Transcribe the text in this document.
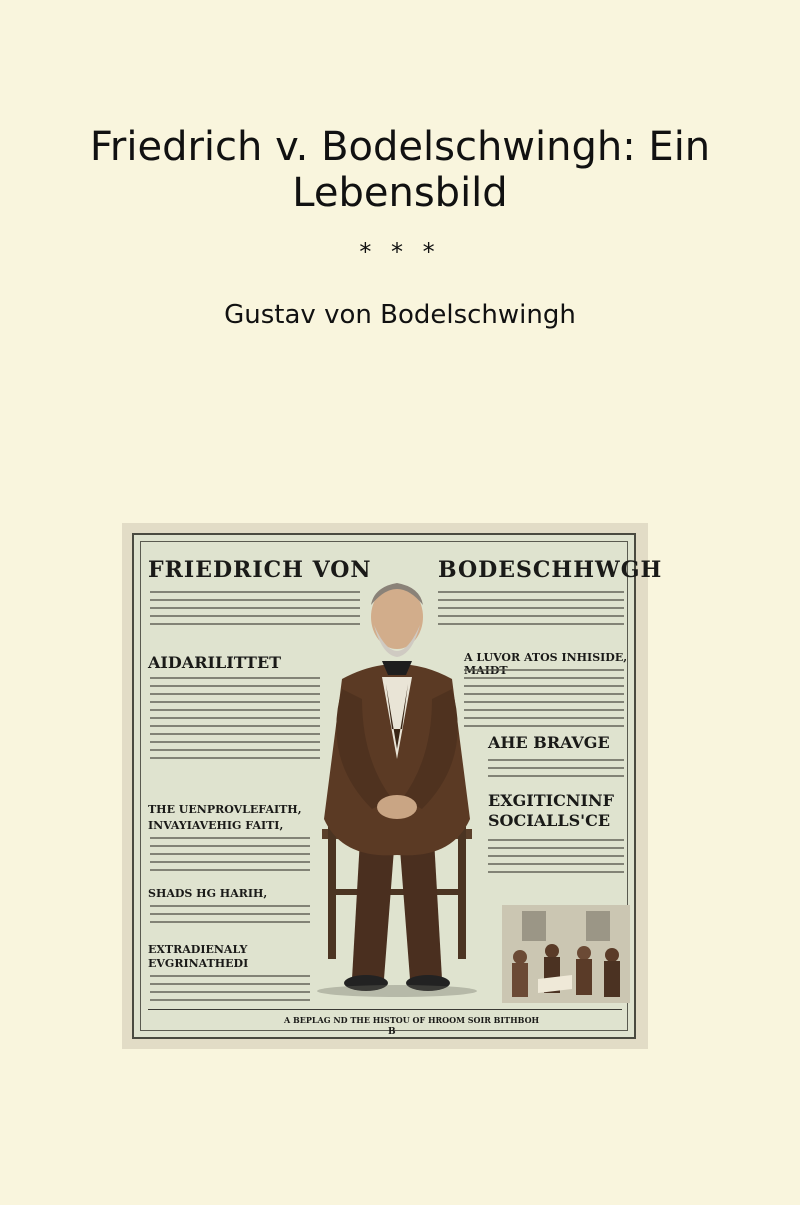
Friedrich v. Bodelschwingh: Ein Lebensbild
* * *
Gustav von Bodelschwingh
FRIEDRICH VON	BODESCHHWGH
AIDARILITTET	A LUVOR ATOS INHISIDE,
THE UENPROVLEFAITH,
INVAYIAVEHIG FAITI,
AHE BRAVGE
EXGITICNINF
SOCIALLS'CE
SHADS HG HARIH,
EXTRADIENALY
EVGRINATHEDI
A BEPLAG ND THE HISTOU OF HROOM SOIR BITHBOH
B
